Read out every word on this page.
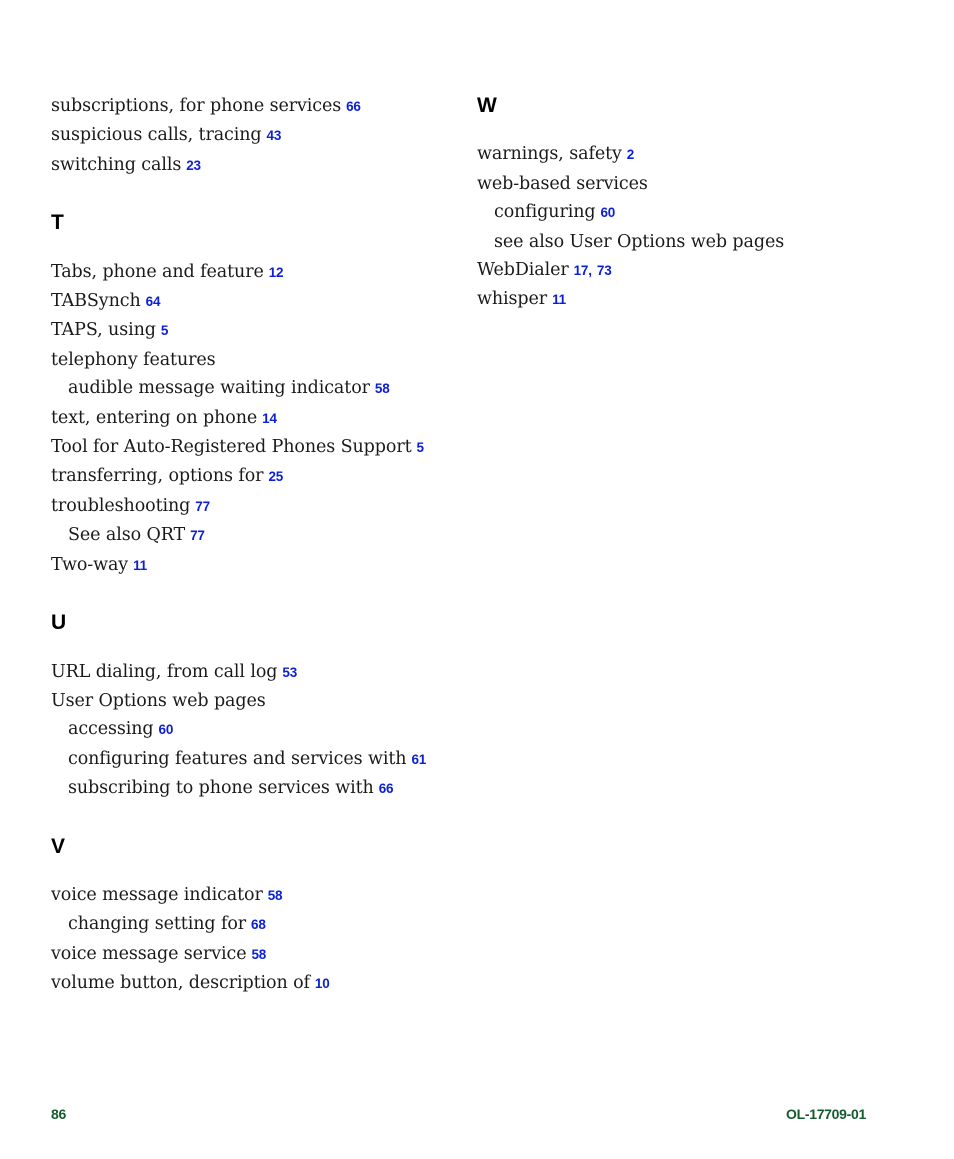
subscriptions, for phone services 66
suspicious calls, tracing 43
switching calls 23
T
Tabs, phone and feature 12
TABSynch 64
TAPS, using 5
telephony features
audible message waiting indicator 58
text, entering on phone 14
Tool for Auto-Registered Phones Support 5
transferring, options for 25
troubleshooting 77
See also QRT 77
Two-way 11
U
URL dialing, from call log 53
User Options web pages
accessing 60
configuring features and services with 61
subscribing to phone services with 66
V
voice message indicator 58
changing setting for 68
voice message service 58
volume button, description of 10
W
warnings, safety 2
web-based services
configuring 60
see also User Options web pages
WebDialer 17, 73
whisper 11
86	OL-17709-01
